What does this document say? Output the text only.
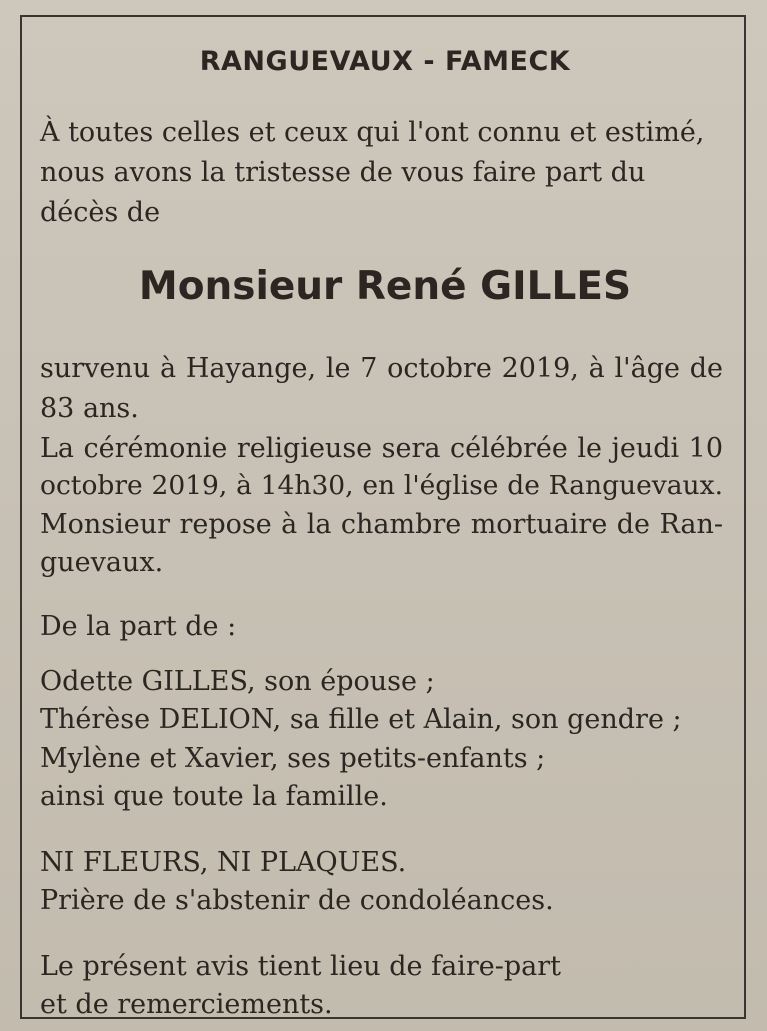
RANGUEVAUX - FAMECK

À toutes celles et ceux qui l'ont connu et estimé,

nous avons la tristesse de vous faire part du

décès de

Monsieur René GILLES

survenu à Hayange, le 7 octobre 2019, à l'âge de

83 ans.

La cérémonie religieuse sera célébrée le jeudi 10

octobre 2019, à 14h30, en l'église de Ranguevaux.

Monsieur repose à la chambre mortuaire de Ran-

guevaux.

De la part de :

Odette GILLES, son épouse ;

Thérèse DELION, sa fille et Alain, son gendre ;

Mylène et Xavier, ses petits-enfants ;

ainsi que toute la famille.

NI FLEURS, NI PLAQUES.

Prière de s'abstenir de condoléances.

Le présent avis tient lieu de faire-part

et de remerciements.
